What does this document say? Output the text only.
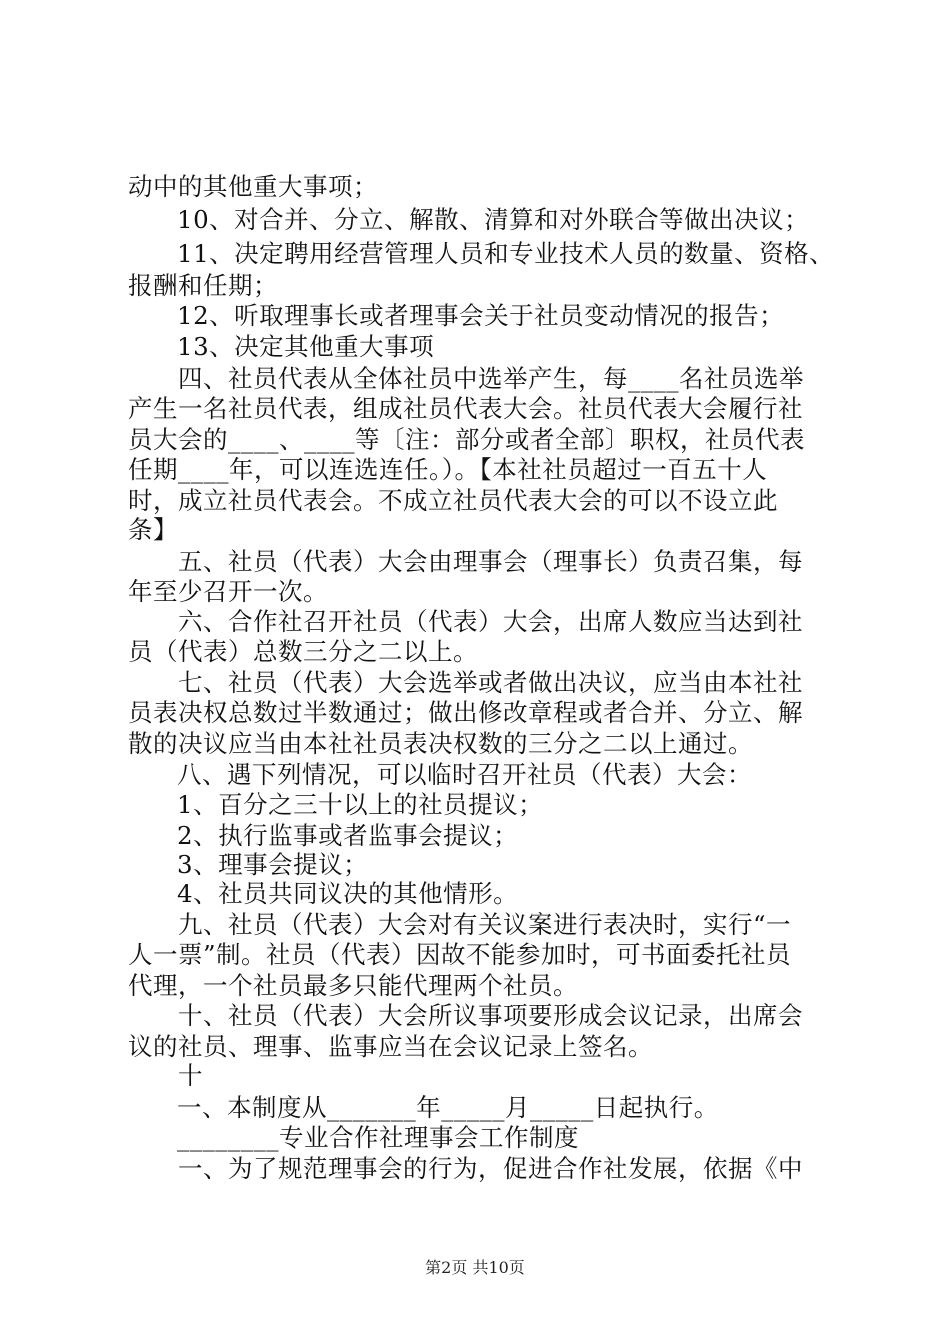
动中的其他重大事项；
10、对合并、分立、解散、清算和对外联合等做出决议；
11、决定聘用经营管理人员和专业技术人员的数量、资格、
报酬和任期；
12、听取理事长或者理事会关于社员变动情况的报告；
13、决定其他重大事项
四、社员代表从全体社员中选举产生，每____名社员选举
产生一名社员代表，组成社员代表大会。社员代表大会履行社
员大会的____、____等〔注：部分或者全部〕职权，社员代表
任期____年，可以连选连任。）。【本社社员超过一百五十人
时，成立社员代表会。不成立社员代表大会的可以不设立此
条】
五、社员（代表）大会由理事会（理事长）负责召集，每
年至少召开一次。
六、合作社召开社员（代表）大会，出席人数应当达到社
员（代表）总数三分之二以上。
七、社员（代表）大会选举或者做出决议，应当由本社社
员表决权总数过半数通过；做出修改章程或者合并、分立、解
散的决议应当由本社社员表决权数的三分之二以上通过。
八、遇下列情况，可以临时召开社员（代表）大会：
1、百分之三十以上的社员提议；
2、执行监事或者监事会提议；
3、理事会提议；
4、社员共同议决的其他情形。
九、社员（代表）大会对有关议案进行表决时，实行“一
人一票”制。社员（代表）因故不能参加时，可书面委托社员
代理，一个社员最多只能代理两个社员。
十、社员（代表）大会所议事项要形成会议记录，出席会
议的社员、理事、监事应当在会议记录上签名。
十
一、本制度从_______年_____月_____日起执行。
________专业合作社理事会工作制度
一、为了规范理事会的行为，促进合作社发展，依据《中
第2页 共10页
